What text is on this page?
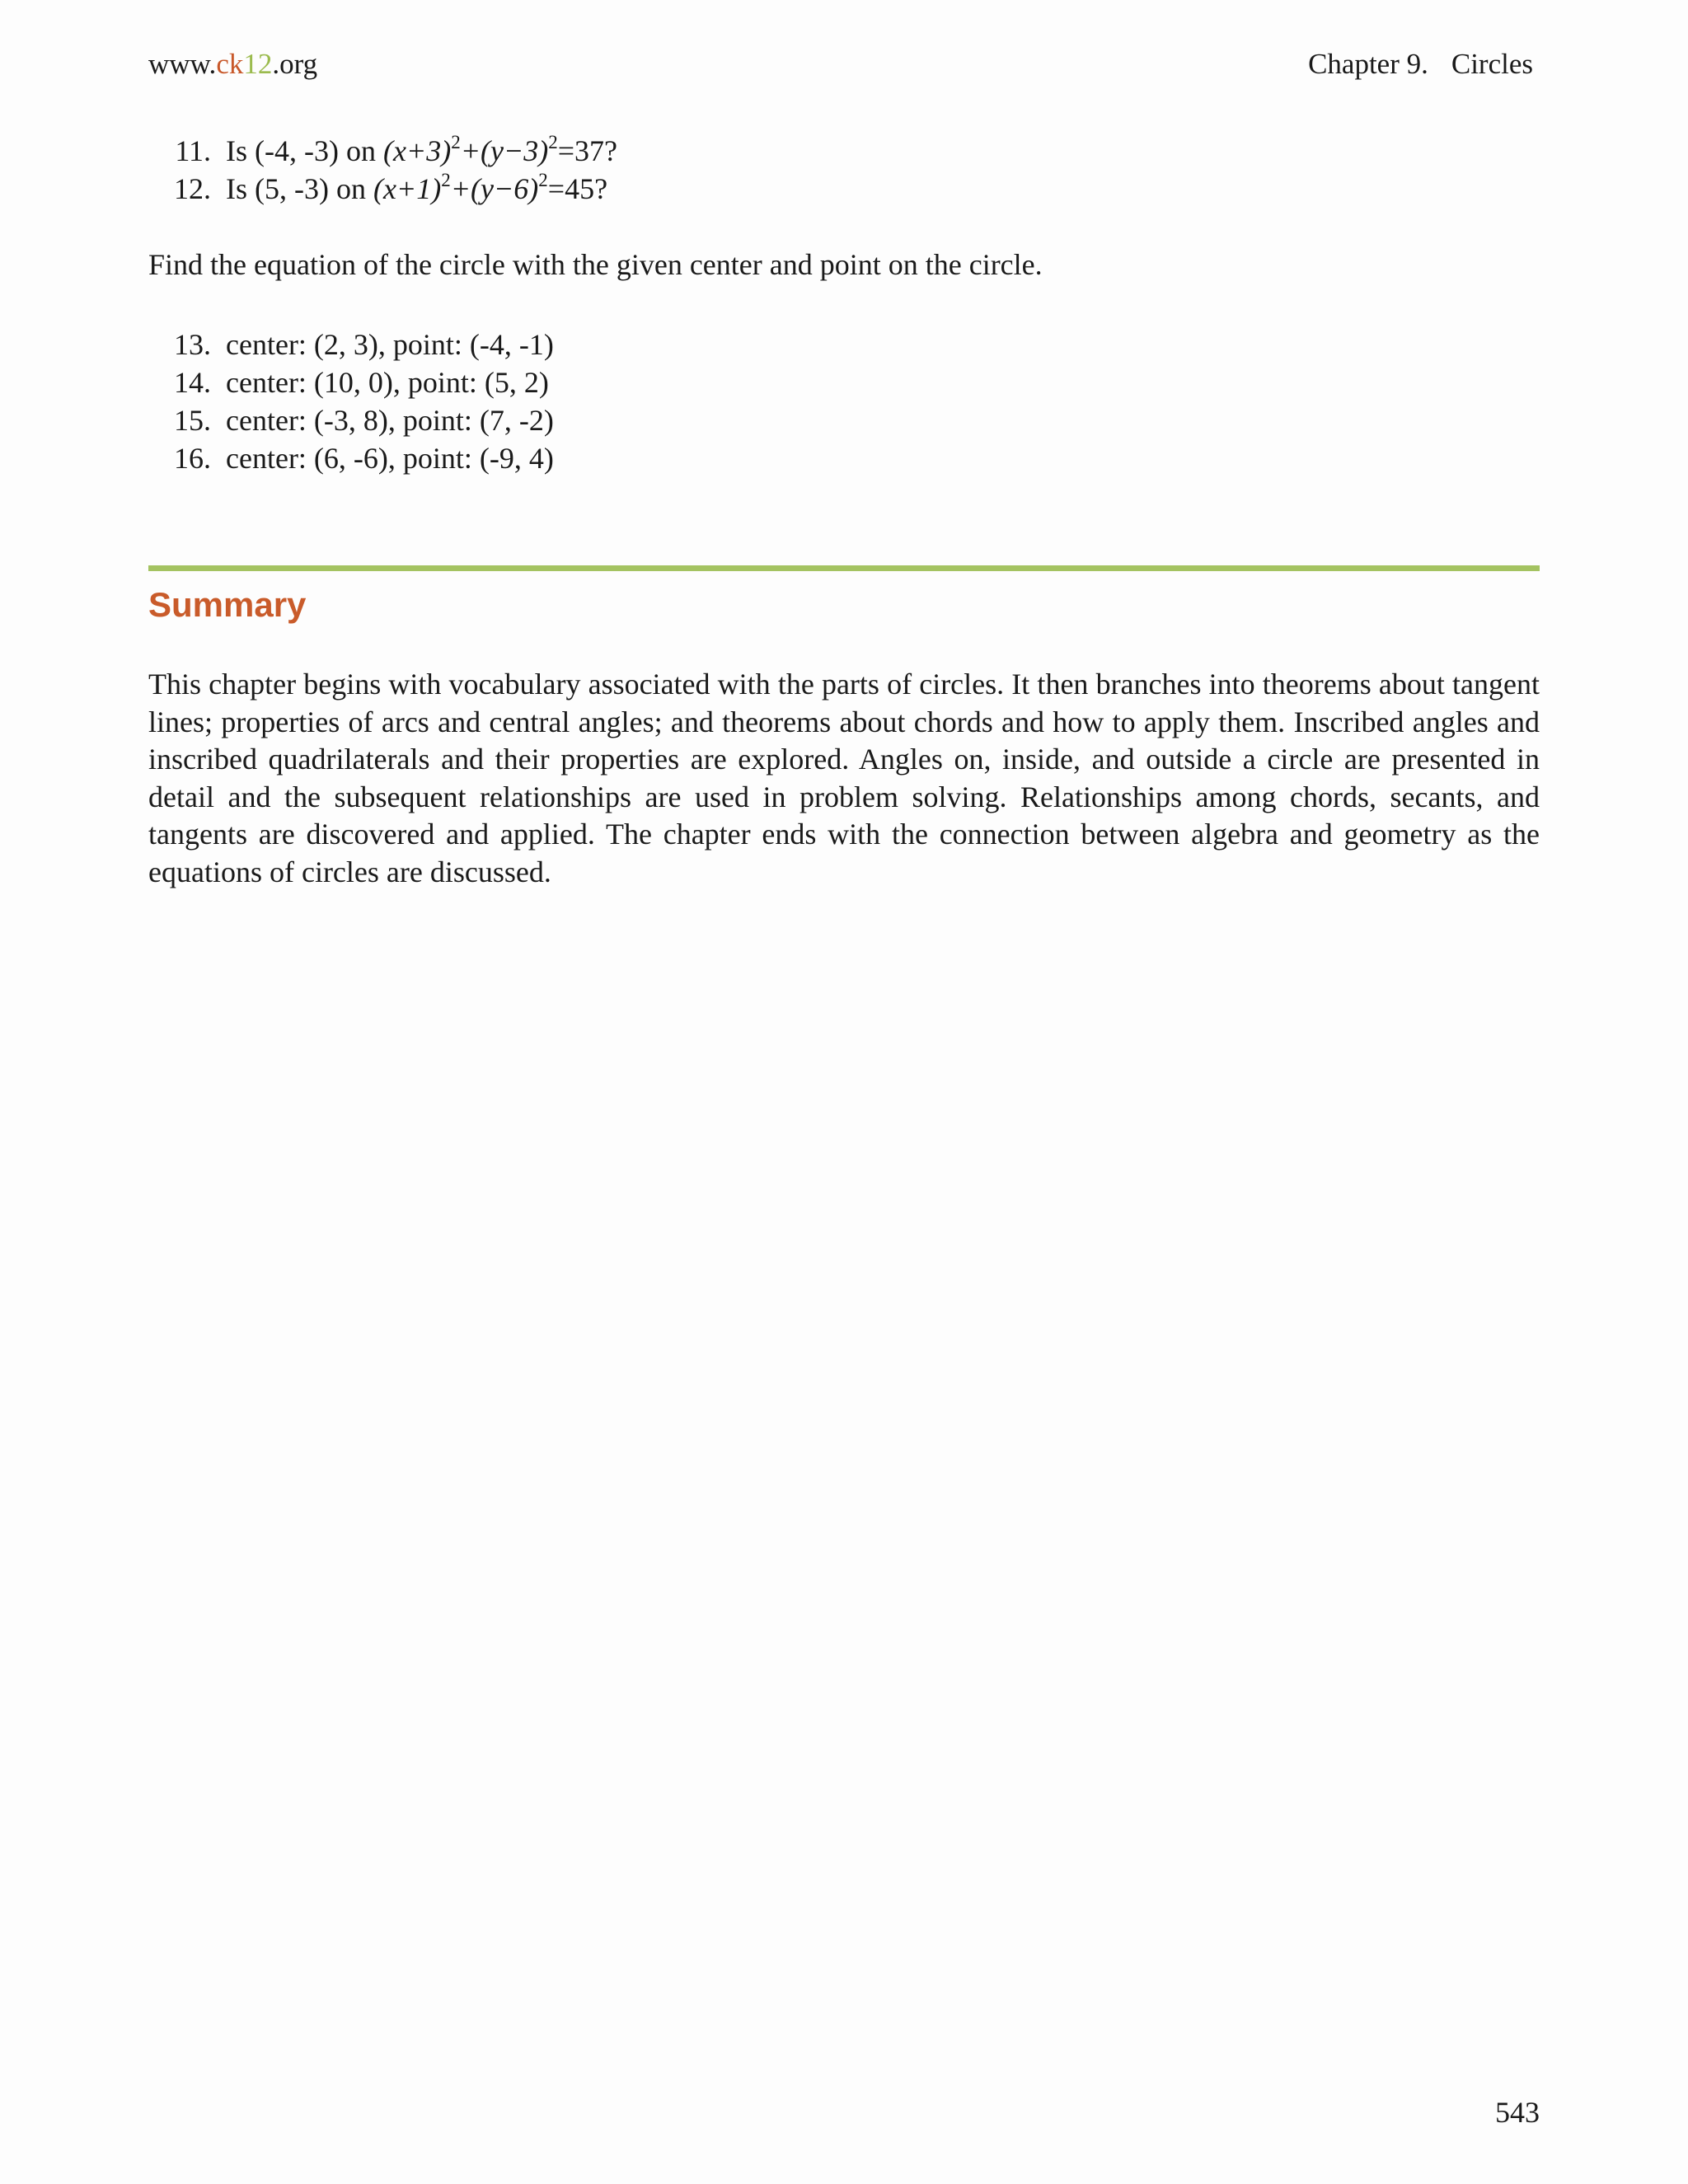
www.ck12.org	Chapter 9. Circles
11. Is (-4, -3) on $(x+3)^2+(y-3)^2=37$?
12. Is (5, -3) on $(x+1)^2+(y-6)^2=45$?

Find the equation of the circle with the given center and point on the circle.

13. center: (2, 3), point: (-4, -1)
14. center: (10, 0), point: (5, 2)
15. center: (-3, 8), point: (7, -2)
16. center: (6, -6), point: (-9, 4)
Summary

This chapter begins with vocabulary associated with the parts of circles. It then branches into theorems about tangent lines; properties of arcs and central angles; and theorems about chords and how to apply them. Inscribed angles and inscribed quadrilaterals and their properties are explored. Angles on, inside, and outside a circle are presented in detail and the subsequent relationships are used in problem solving. Relationships among chords, secants, and tangents are discovered and applied. The chapter ends with the connection between algebra and geometry as the equations of circles are discussed.

543
